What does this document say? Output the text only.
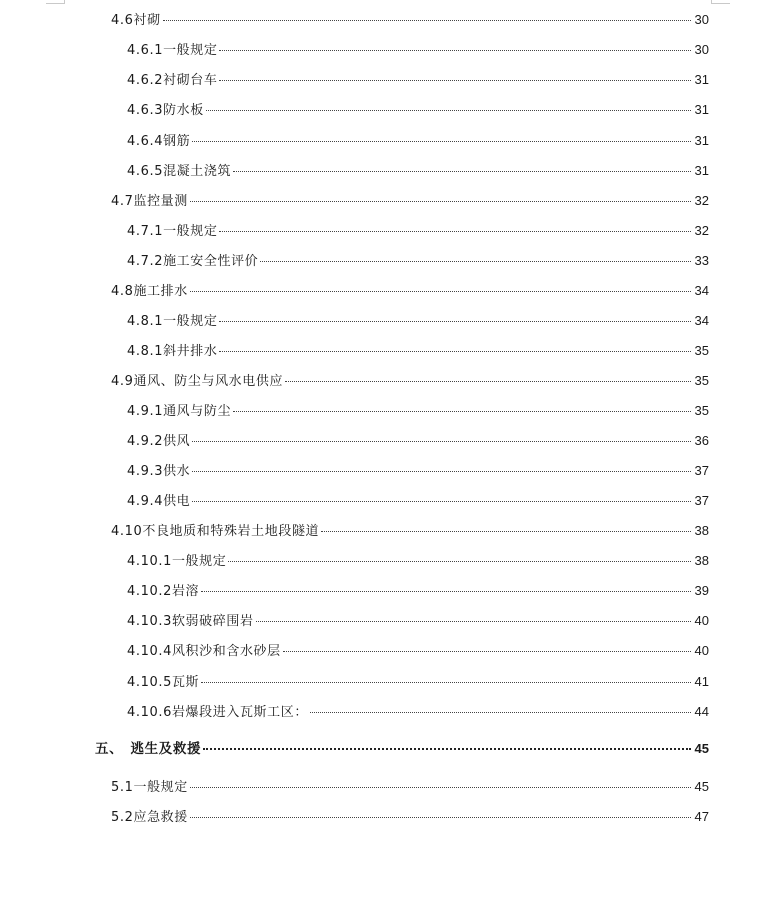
4.6衬砌	30
4.6.1一般规定	30
4.6.2衬砌台车	31
4.6.3防水板	31
4.6.4钢筋	31
4.6.5混凝土浇筑	31
4.7监控量测	32
4.7.1一般规定	32
4.7.2施工安全性评价	33
4.8施工排水	34
4.8.1一般规定	34
4.8.1斜井排水	35
4.9通风、防尘与风水电供应	35
4.9.1通风与防尘	35
4.9.2供风	36
4.9.3供水	37
4.9.4供电	37
4.10不良地质和特殊岩土地段隧道	38
4.10.1一般规定	38
4.10.2岩溶	39
4.10.3软弱破碎围岩	40
4.10.4风积沙和含水砂层	40
4.10.5瓦斯	41
4.10.6岩爆段进入瓦斯工区：	44
五、　逃生及救援	45
5.1一般规定	45
5.2应急救援	47
